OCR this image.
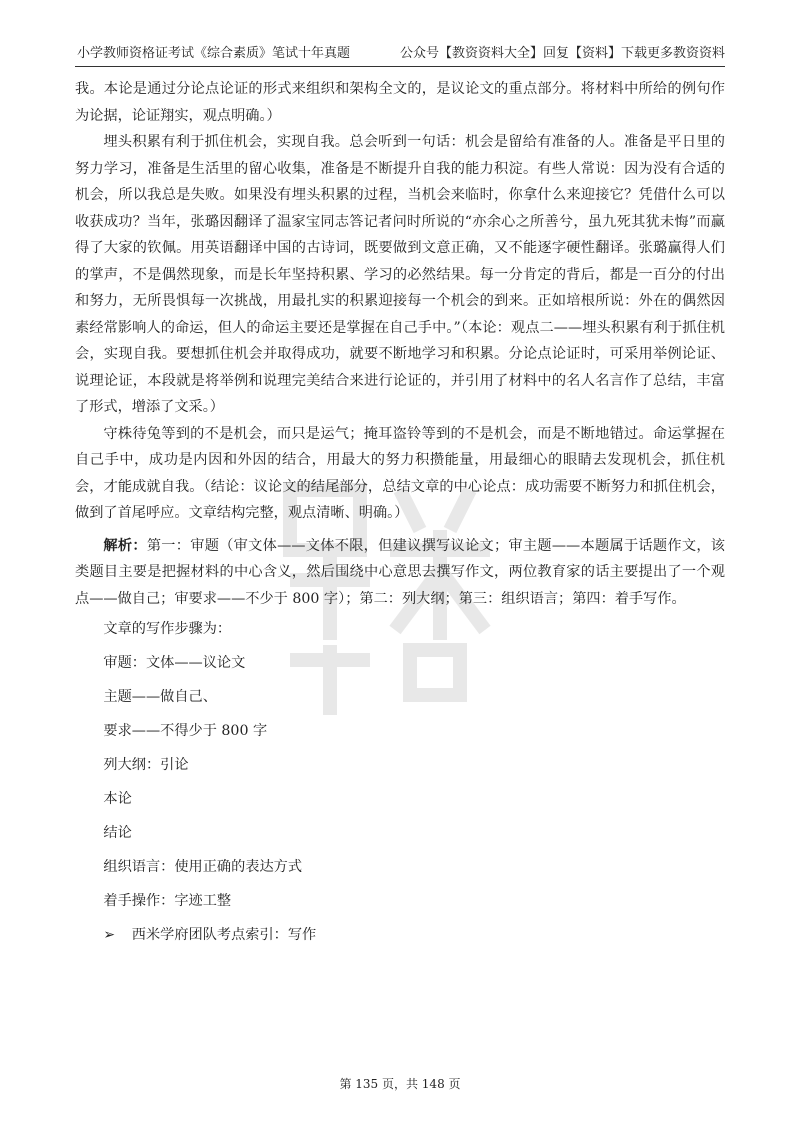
小学教师资格证考试《综合素质》笔试十年真题	公众号【教资资料大全】回复【资料】下载更多教资资料

我。本论是通过分论点论证的形式来组织和架构全文的，是议论文的重点部分。将材料中所给的例句作为论据，论证翔实，观点明确。）

埋头积累有利于抓住机会，实现自我。总会听到一句话：机会是留给有准备的人。准备是平日里的努力学习，准备是生活里的留心收集，准备是不断提升自我的能力积淀。有些人常说：因为没有合适的机会，所以我总是失败。如果没有埋头积累的过程，当机会来临时，你拿什么来迎接它？凭借什么可以收获成功？当年，张璐因翻译了温家宝同志答记者问时所说的“亦余心之所善兮，虽九死其犹未悔”而赢得了大家的钦佩。用英语翻译中国的古诗词，既要做到文意正确，又不能逐字硬性翻译。张璐赢得人们的掌声，不是偶然现象，而是长年坚持积累、学习的必然结果。每一分肯定的背后，都是一百分的付出和努力，无所畏惧每一次挑战，用最扎实的积累迎接每一个机会的到来。正如培根所说：外在的偶然因素经常影响人的命运，但人的命运主要还是掌握在自己手中。”（本论：观点二——埋头积累有利于抓住机会，实现自我。要想抓住机会并取得成功，就要不断地学习和积累。分论点论证时，可采用举例论证、说理论证，本段就是将举例和说理完美结合来进行论证的，并引用了材料中的名人名言作了总结，丰富了形式，增添了文采。）

守株待兔等到的不是机会，而只是运气；掩耳盗铃等到的不是机会，而是不断地错过。命运掌握在自己手中，成功是内因和外因的结合，用最大的努力积攒能量，用最细心的眼睛去发现机会，抓住机会，才能成就自我。（结论：议论文的结尾部分，总结文章的中心论点：成功需要不断努力和抓住机会，做到了首尾呼应。文章结构完整，观点清晰、明确。）

解析：第一：审题（审文体——文体不限，但建议撰写议论文；审主题——本题属于话题作文，该类题目主要是把握材料的中心含义，然后围绕中心意思去撰写作文，两位教育家的话主要提出了一个观点——做自己；审要求——不少于 800 字）；第二：列大纲；第三：组织语言；第四：着手写作。

文章的写作步骤为：

审题：文体——议论文

主题——做自己、

要求——不得少于 800 字

列大纲：引论

本论

结论

组织语言：使用正确的表达方式

着手操作：字迹工整

➢ 西米学府团队考点索引：写作
第 135 页，共 148 页
